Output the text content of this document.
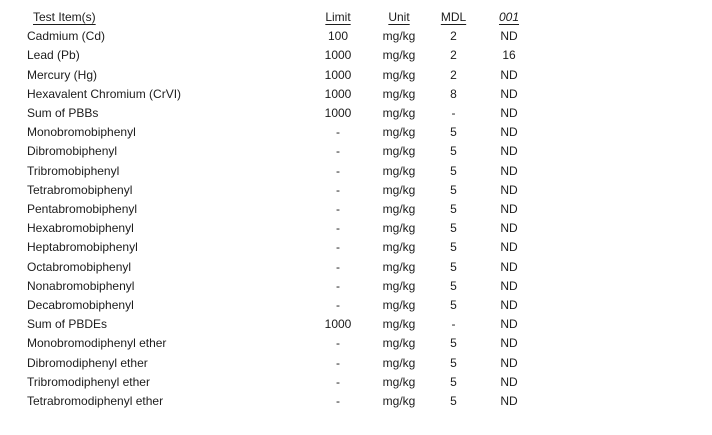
Test Item(s)	Limit	Unit	MDL	001
Cadmium (Cd)	100	mg/kg	2	ND
Lead (Pb)	1000	mg/kg	2	16
Mercury (Hg)	1000	mg/kg	2	ND
Hexavalent Chromium (CrVI)	1000	mg/kg	8	ND
Sum of PBBs	1000	mg/kg	-	ND
Monobromobiphenyl	-	mg/kg	5	ND
Dibromobiphenyl	-	mg/kg	5	ND
Tribromobiphenyl	-	mg/kg	5	ND
Tetrabromobiphenyl	-	mg/kg	5	ND
Pentabromobiphenyl	-	mg/kg	5	ND
Hexabromobiphenyl	-	mg/kg	5	ND
Heptabromobiphenyl	-	mg/kg	5	ND
Octabromobiphenyl	-	mg/kg	5	ND
Nonabromobiphenyl	-	mg/kg	5	ND
Decabromobiphenyl	-	mg/kg	5	ND
Sum of PBDEs	1000	mg/kg	-	ND
Monobromodiphenyl ether	-	mg/kg	5	ND
Dibromodiphenyl ether	-	mg/kg	5	ND
Tribromodiphenyl ether	-	mg/kg	5	ND
Tetrabromodiphenyl ether	-	mg/kg	5	ND
